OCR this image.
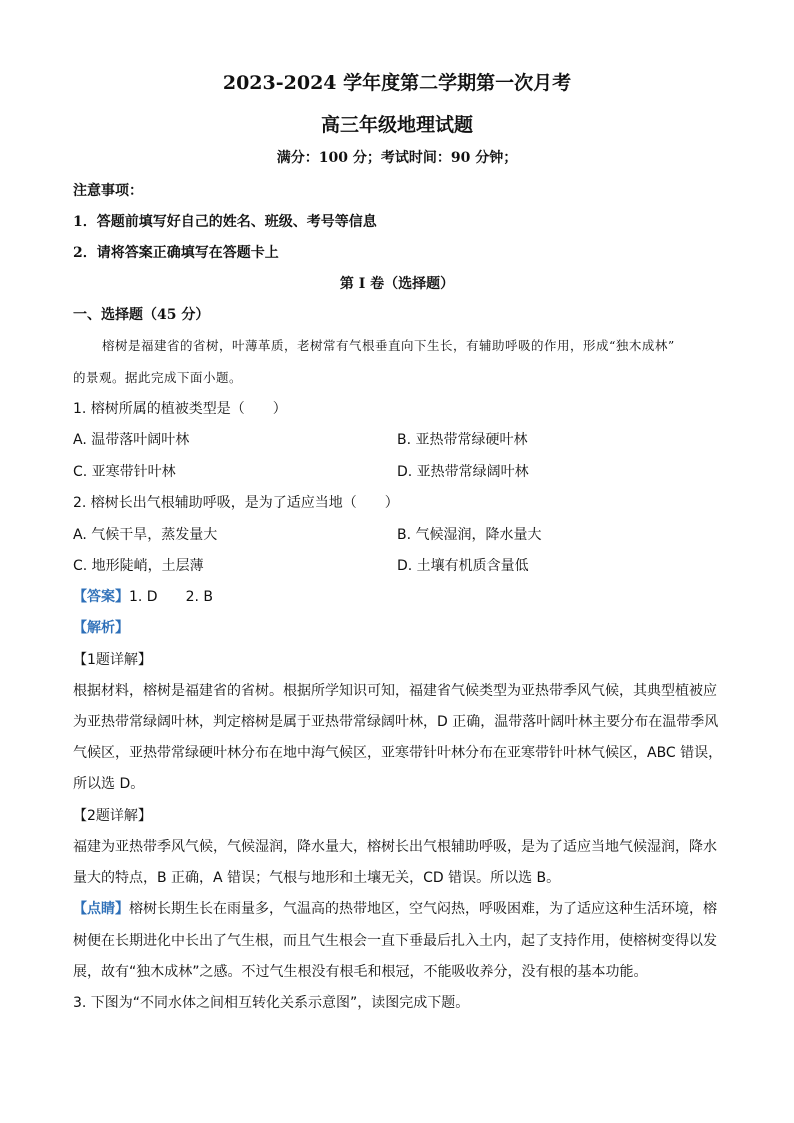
2023-2024 学年度第二学期第一次月考
高三年级地理试题
满分：100 分；考试时间：90 分钟；
注意事项：
1．答题前填写好自己的姓名、班级、考号等信息
2．请将答案正确填写在答题卡上
第 I 卷（选择题）
一、选择题（45 分）
榕树是福建省的省树，叶薄革质，老树常有气根垂直向下生长，有辅助呼吸的作用，形成“独木成林”
的景观。据此完成下面小题。
1. 榕树所属的植被类型是（　　）
A. 温带落叶阔叶林	B. 亚热带常绿硬叶林
C. 亚寒带针叶林	D. 亚热带常绿阔叶林
2. 榕树长出气根辅助呼吸，是为了适应当地（　　）
A. 气候干旱，蒸发量大	B. 气候湿润，降水量大
C. 地形陡峭，土层薄	D. 土壤有机质含量低
【答案】1. D　　2. B
【解析】
【1题详解】
根据材料，榕树是福建省的省树。根据所学知识可知，福建省气候类型为亚热带季风气候，其典型植被应
为亚热带常绿阔叶林，判定榕树是属于亚热带常绿阔叶林，D 正确，温带落叶阔叶林主要分布在温带季风
气候区，亚热带常绿硬叶林分布在地中海气候区，亚寒带针叶林分布在亚寒带针叶林气候区，ABC 错误，
所以选 D。
【2题详解】
福建为亚热带季风气候，气候湿润，降水量大，榕树长出气根辅助呼吸，是为了适应当地气候湿润，降水
量大的特点，B 正确，A 错误；气根与地形和土壤无关，CD 错误。所以选 B。
【点睛】榕树长期生长在雨量多，气温高的热带地区，空气闷热，呼吸困难，为了适应这种生活环境，榕
树便在长期进化中长出了气生根，而且气生根会一直下垂最后扎入土内，起了支持作用，使榕树变得以发
展，故有“独木成林”之感。不过气生根没有根毛和根冠，不能吸收养分，没有根的基本功能。
3. 下图为“不同水体之间相互转化关系示意图”，读图完成下题。
